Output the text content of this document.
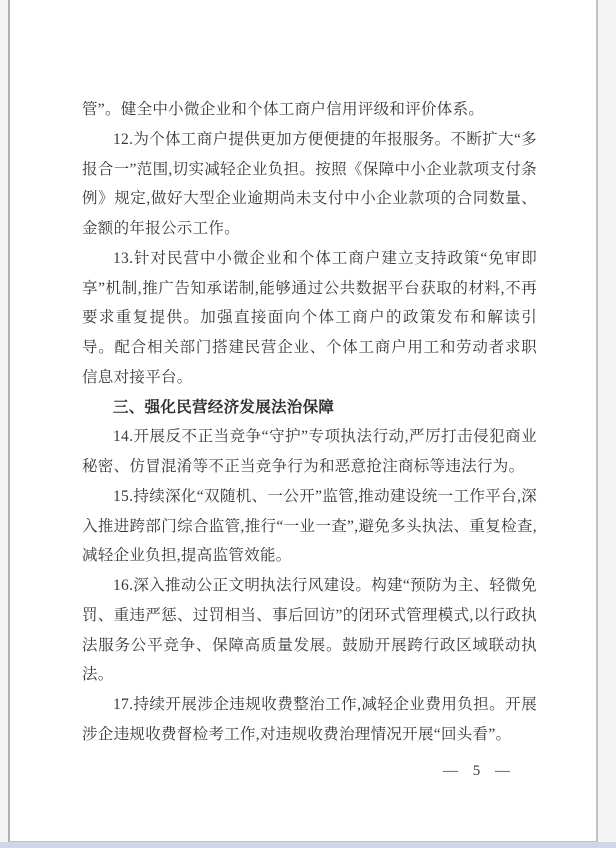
管”。健全中小微企业和个体工商户信用评级和评价体系。

12.为个体工商户提供更加方便便捷的年报服务。不断扩大“多报合一”范围,切实减轻企业负担。按照《保障中小企业款项支付条例》规定,做好大型企业逾期尚未支付中小企业款项的合同数量、金额的年报公示工作。

13.针对民营中小微企业和个体工商户建立支持政策“免审即享”机制,推广告知承诺制,能够通过公共数据平台获取的材料,不再要求重复提供。加强直接面向个体工商户的政策发布和解读引导。配合相关部门搭建民营企业、个体工商户用工和劳动者求职信息对接平台。

三、强化民营经济发展法治保障

14.开展反不正当竞争“守护”专项执法行动,严厉打击侵犯商业秘密、仿冒混淆等不正当竞争行为和恶意抢注商标等违法行为。

15.持续深化“双随机、一公开”监管,推动建设统一工作平台,深入推进跨部门综合监管,推行“一业一查”,避免多头执法、重复检查,减轻企业负担,提高监管效能。

16.深入推动公正文明执法行风建设。构建“预防为主、轻微免罚、重违严惩、过罚相当、事后回访”的闭环式管理模式,以行政执法服务公平竞争、保障高质量发展。鼓励开展跨行政区域联动执法。

17.持续开展涉企违规收费整治工作,减轻企业费用负担。开展涉企违规收费督检考工作,对违规收费治理情况开展“回头看”。

— 5 —
